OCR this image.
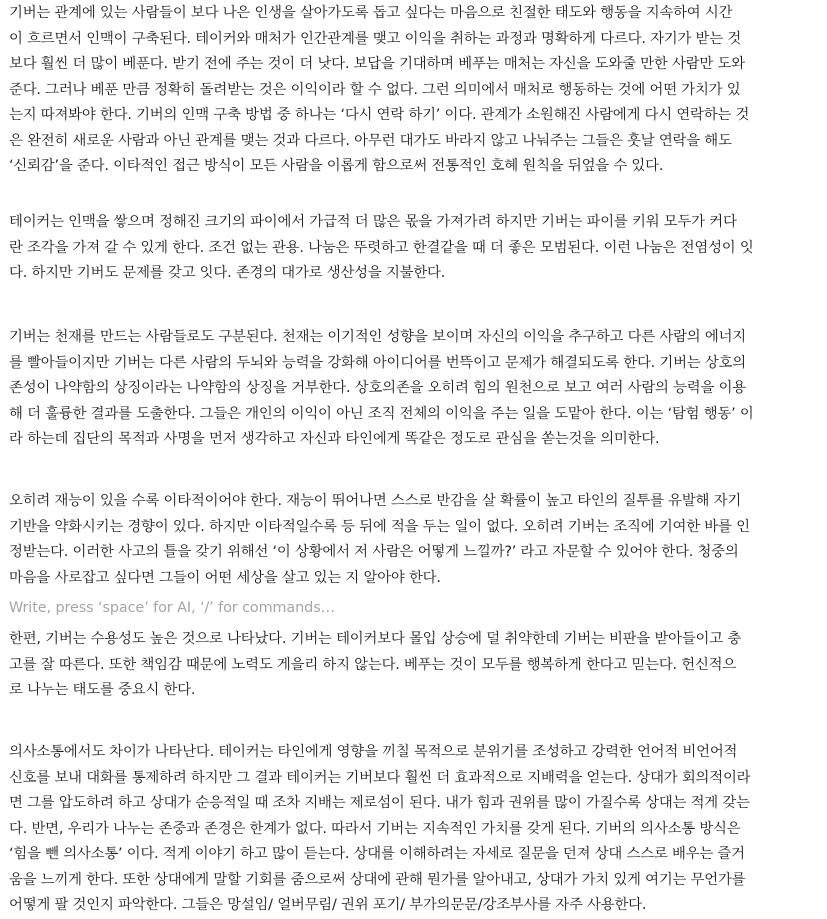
기버는 관계에 있는 사람들이 보다 나은 인생을 살아가도록 돕고 싶다는 마음으로 친절한 태도와 행동을 지속하여 시간
이 흐르면서 인맥이 구축된다. 테이커와 매처가 인간관계를 맺고 이익을 취하는 과정과 명확하게 다르다. 자기가 받는 것
보다 훨씬 더 많이 베푼다. 받기 전에 주는 것이 더 낫다. 보답을 기대하며 베푸는 매처는 자신을 도와줄 만한 사람만 도와
준다. 그러나 베푼 만큼 정확히 돌려받는 것은 이익이라 할 수 없다. 그런 의미에서 매처로 행동하는 것에 어떤 가치가 있
는지 따져봐야 한다. 기버의 인맥 구축 방법 중 하나는 ‘다시 연락 하기’ 이다. 관계가 소원해진 사람에게 다시 연락하는 것
은 완전히 새로운 사람과 아닌 관계를 맺는 것과 다르다. 아무런 대가도 바라지 않고 나눠주는 그들은 훗날 연락을 해도
‘신뢰감’을 준다. 이타적인 접근 방식이 모든 사람을 이롭게 함으로써 전통적인 호혜 원칙을 뒤엎을 수 있다.

테이커는 인맥을 쌓으며 정해진 크기의 파이에서 가급적 더 많은 몫을 가져가려 하지만 기버는 파이를 키워 모두가 커다
란 조각을 가져 갈 수 있게 한다. 조건 없는 관용. 나눔은 뚜렷하고 한결같을 때 더 좋은 모범된다. 이런 나눔은 전염성이 잇
다. 하지만 기버도 문제를 갖고 잇다. 존경의 대가로 생산성을 지불한다.

기버는 천재를 만드는 사람들로도 구분된다. 천재는 이기적인 성향을 보이며 자신의 이익을 추구하고 다른 사람의 에너지
를 빨아들이지만 기버는 다른 사람의 두뇌와 능력을 강화해 아이디어를 번뜩이고 문제가 해결되도록 한다. 기버는 상호의
존성이 나약함의 상징이라는 나약함의 상징을 거부한다. 상호의존을 오히려 힘의 원천으로 보고 여러 사람의 능력을 이용
해 더 훌륭한 결과를 도출한다. 그들은 개인의 이익이 아닌 조직 전체의 이익을 주는 일을 도맡아 한다. 이는 ‘탐험 행동’ 이
라 하는데 집단의 목적과 사명을 먼저 생각하고 자신과 타인에게 똑같은 정도로 관심을 쏟는것을 의미한다.

오히려 재능이 있을 수록 이타적이어야 한다. 재능이 뛰어나면 스스로 반감을 살 확률이 높고 타인의 질투를 유발해 자기
기반을 약화시키는 경향이 있다. 하지만 이타적일수록 등 뒤에 적을 두는 일이 없다. 오히려 기버는 조직에 기여한 바를 인
정받는다. 이러한 사고의 틀을 갖기 위해선 ‘이 상황에서 저 사람은 어떻게 느낄까?’ 라고 자문할 수 있어야 한다. 청중의
마음을 사로잡고 싶다면 그들이 어떤 세상을 살고 있는 지 알아야 한다.

Write, press ‘space’ for AI, ‘/’ for commands…

한편, 기버는 수용성도 높은 것으로 나타났다. 기버는 테이커보다 몰입 상승에 덜 취약한데 기버는 비판을 받아들이고 충
고를 잘 따른다. 또한 책임감 때문에 노력도 게을리 하지 않는다. 베푸는 것이 모두를 행복하게 한다고 믿는다. 헌신적으
로 나누는 태도를 중요시 한다.

의사소통에서도 차이가 나타난다. 테이커는 타인에게 영향을 끼칠 목적으로 분위기를 조성하고 강력한 언어적 비언어적
신호를 보내 대화를 통제하려 하지만 그 결과 테이커는 기버보다 훨씬 더 효과적으로 지배력을 얻는다. 상대가 회의적이라
면 그를 압도하려 하고 상대가 순응적일 때 조차 지배는 제로섬이 된다. 내가 힘과 권위를 많이 가질수록 상대는 적게 갖는
다. 반면, 우리가 나누는 존중과 존경은 한계가 없다. 따라서 기버는 지속적인 가치를 갖게 된다. 기버의 의사소통 방식은
‘힘을 뺀 의사소통’ 이다. 적게 이야기 하고 많이 듣는다. 상대를 이해하려는 자세로 질문을 던져 상대 스스로 배우는 즐거
움을 느끼게 한다. 또한 상대에게 말할 기회를 줌으로써 상대에 관해 뭔가를 알아내고, 상대가 가치 있게 여기는 무언가를
어떻게 팔 것인지 파악한다. 그들은 망설임/ 얼버무림/ 권위 포기/ 부가의문문/강조부사를 자주 사용한다.
